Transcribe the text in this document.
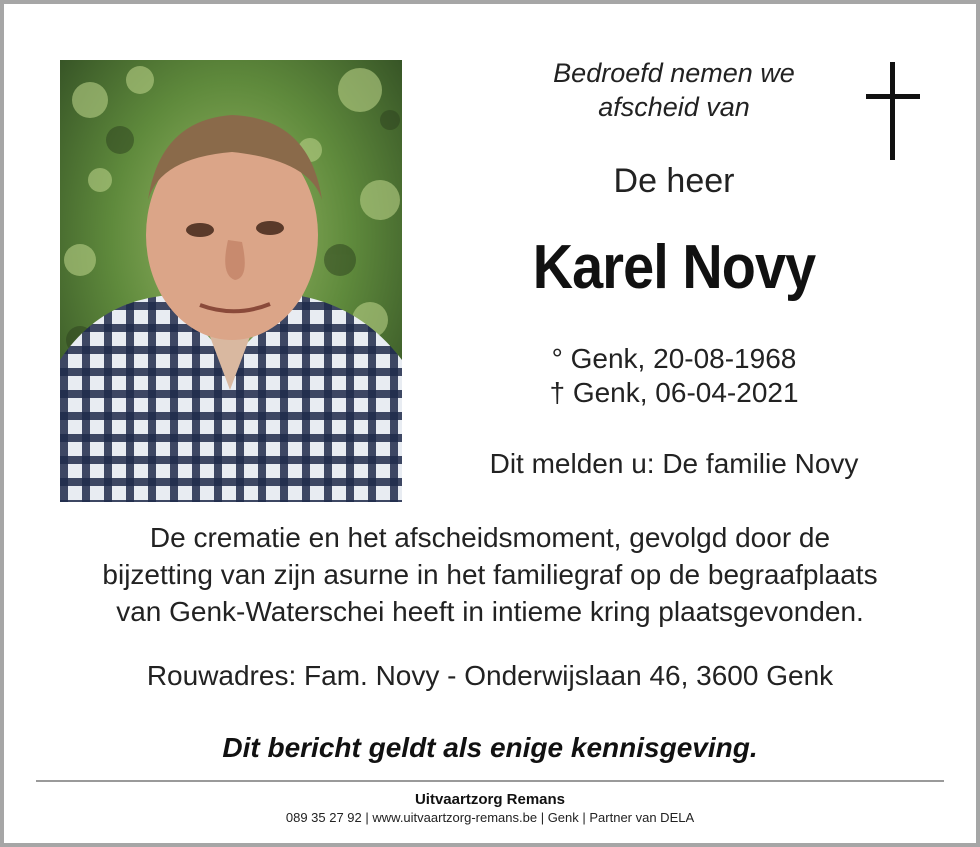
Bedroefd nemen we
afscheid van
De heer
Karel Novy
° Genk, 20-08-1968
† Genk, 06-04-2021
Dit melden u: De familie Novy
De crematie en het afscheidsmoment, gevolgd door de
bijzetting van zijn asurne in het familiegraf op de begraafplaats
van Genk-Waterschei heeft in intieme kring plaatsgevonden.
Rouwadres: Fam. Novy - Onderwijslaan 46, 3600 Genk
Dit bericht geldt als enige kennisgeving.
Uitvaartzorg Remans
089 35 27 92 | www.uitvaartzorg-remans.be | Genk | Partner van DELA
